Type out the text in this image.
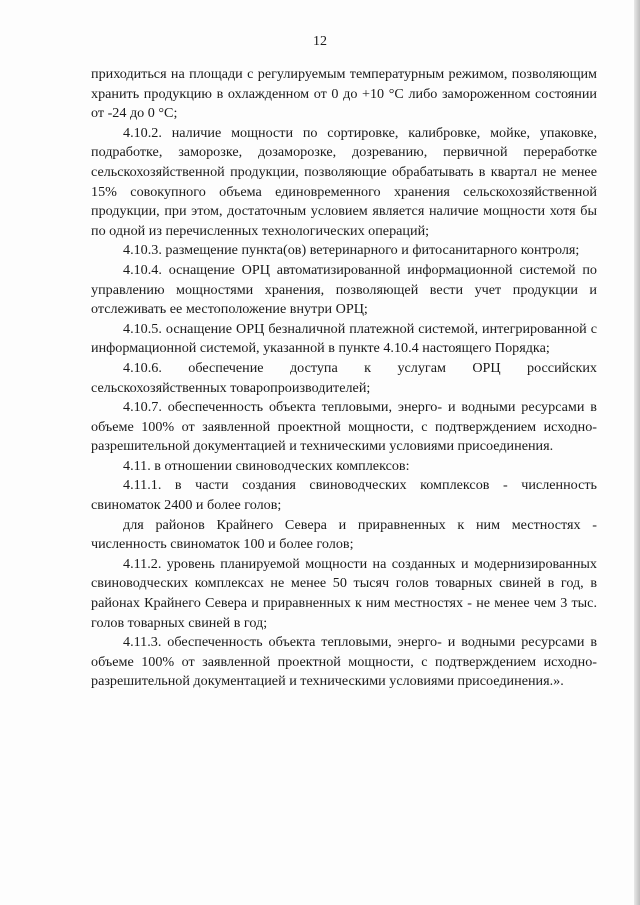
12

приходиться на площади с регулируемым температурным режимом, позволяющим хранить продукцию в охлажденном от 0 до +10 °C либо замороженном состоянии от -24 до 0 °C;

4.10.2. наличие мощности по сортировке, калибровке, мойке, упаковке, подработке, заморозке, дозаморозке, дозреванию, первичной переработке сельскохозяйственной продукции, позволяющие обрабатывать в квартал не менее 15% совокупного объема единовременного хранения сельскохозяйственной продукции, при этом, достаточным условием является наличие мощности хотя бы по одной из перечисленных технологических операций;

4.10.3. размещение пункта(ов) ветеринарного и фитосанитарного контроля;

4.10.4. оснащение ОРЦ автоматизированной информационной системой по управлению мощностями хранения, позволяющей вести учет продукции и отслеживать ее местоположение внутри ОРЦ;

4.10.5. оснащение ОРЦ безналичной платежной системой, интегрированной с информационной системой, указанной в пункте 4.10.4 настоящего Порядка;

4.10.6. обеспечение доступа к услугам ОРЦ российских сельскохозяйственных товаропроизводителей;

4.10.7. обеспеченность объекта тепловыми, энерго- и водными ресурсами в объеме 100% от заявленной проектной мощности, с подтверждением исходно-разрешительной документацией и техническими условиями присоединения.

4.11. в отношении свиноводческих комплексов:

4.11.1. в части создания свиноводческих комплексов - численность свиноматок 2400 и более голов;

для районов Крайнего Севера и приравненных к ним местностях - численность свиноматок 100 и более голов;

4.11.2. уровень планируемой мощности на созданных и модернизированных свиноводческих комплексах не менее 50 тысяч голов товарных свиней в год, в районах Крайнего Севера и приравненных к ним местностях - не менее чем 3 тыс. голов товарных свиней в год;

4.11.3. обеспеченность объекта тепловыми, энерго- и водными ресурсами в объеме 100% от заявленной проектной мощности, с подтверждением исходно-разрешительной документацией и техническими условиями присоединения.».
